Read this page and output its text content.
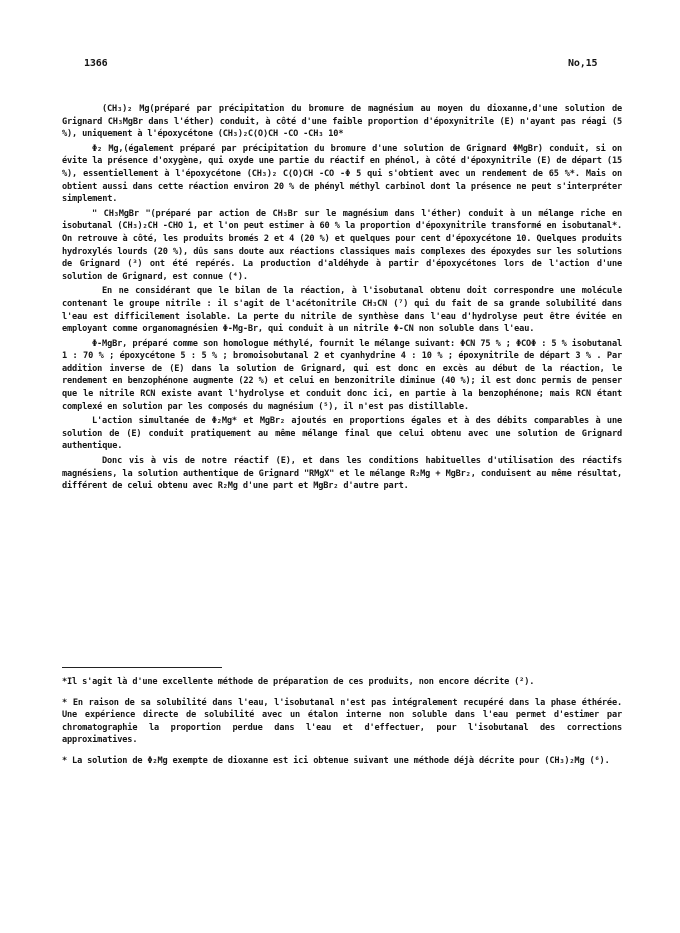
1366	No,15

(CH₃)₂ Mg(préparé par précipitation du bromure de magnésium au moyen du dioxanne,d'une solution de Grignard CH₃MgBr dans l'éther) conduit, à côté d'une faible proportion d'époxynitrile (E) n'ayant pas réagi (5 %), uniquement à l'époxycétone (CH₃)₂C⟨O⟩CH -CO -CH₃ 10*

Φ₂ Mg,(également préparé par précipitation du bromure d'une solution de Grignard ΦMgBr) conduit, si on évite la présence d'oxygène, qui oxyde une partie du réactif en phénol, à côté d'époxynitrile (E) de départ (15 %), essentiellement à l'époxycétone (CH₃)₂ C⟨O⟩CH -CO -Φ 5 qui s'obtient avec un rendement de 65 %*. Mais on obtient aussi dans cette réaction environ 20 % de phényl méthyl carbinol dont la présence ne peut s'interpréter simplement.

" CH₃MgBr "(préparé par action de CH₃Br sur le magnésium dans l'éther) conduit à un mélange riche en isobutanal (CH₃)₂CH -CHO 1, et l'on peut estimer à 60 % la proportion d'époxynitrile transformé en isobutanal*. On retrouve à côté, les produits bromés 2 et 4 (20 %) et quelques pour cent d'époxycétone 10. Quelques produits hydroxylés lourds (20 %), dûs sans doute aux réactions classiques mais complexes des époxydes sur les solutions de Grignard (³) ont été repérés. La production d'aldéhyde à partir d'époxycétones lors de l'action d'une solution de Grignard, est connue (⁴).

En ne considérant que le bilan de la réaction, à l'isobutanal obtenu doit correspondre une molécule contenant le groupe nitrile : il s'agit de l'acétonitrile CH₃CN (⁷) qui du fait de sa grande solubilité dans l'eau est difficilement isolable. La perte du nitrile de synthèse dans l'eau d'hydrolyse peut être évitée en employant comme organomagnésien Φ-Mg-Br, qui conduit à un nitrile Φ-CN non soluble dans l'eau.

Φ-MgBr, préparé comme son homologue méthylé, fournit le mélange suivant: ΦCN 75 % ; ΦCOΦ : 5 % isobutanal 1 : 70 % ; époxycétone 5 : 5 % ; bromoisobutanal 2 et cyanhydrine 4 : 10 % ; époxynitrile de départ 3 % . Par addition inverse de (E) dans la solution de Grignard, qui est donc en excès au début de la réaction, le rendement en benzophénone augmente (22 %) et celui en benzonitrile diminue (40 %); il est donc permis de penser que le nitrile RCN existe avant l'hydrolyse et conduit donc ici, en partie à la benzophénone; mais RCN étant complexé en solution par les composés du magnésium (⁵), il n'est pas distillable.

L'action simultanée de Φ₂Mg* et MgBr₂ ajoutés en proportions égales et à des débits comparables à une solution de (E) conduit pratiquement au même mélange final que celui obtenu avec une solution de Grignard authentique.

Donc vis à vis de notre réactif (E), et dans les conditions habituelles d'utilisation des réactifs magnésiens, la solution authentique de Grignard "RMgX" et le mélange R₂Mg + MgBr₂, conduisent au même résultat, différent de celui obtenu avec R₂Mg d'une part et MgBr₂ d'autre part.

*Il s'agit là d'une excellente méthode de préparation de ces produits, non encore décrite (²).

* En raison de sa solubilité dans l'eau, l'isobutanal n'est pas intégralement recupéré dans la phase éthérée. Une expérience directe de solubilité avec un étalon interne non soluble dans l'eau permet d'estimer par chromatographie la proportion perdue dans l'eau et d'effectuer, pour l'isobutanal des corrections approximatives.

* La solution de Φ₂Mg exempte de dioxanne est ici obtenue suivant une méthode déjà décrite pour (CH₃)₂Mg (⁶).
